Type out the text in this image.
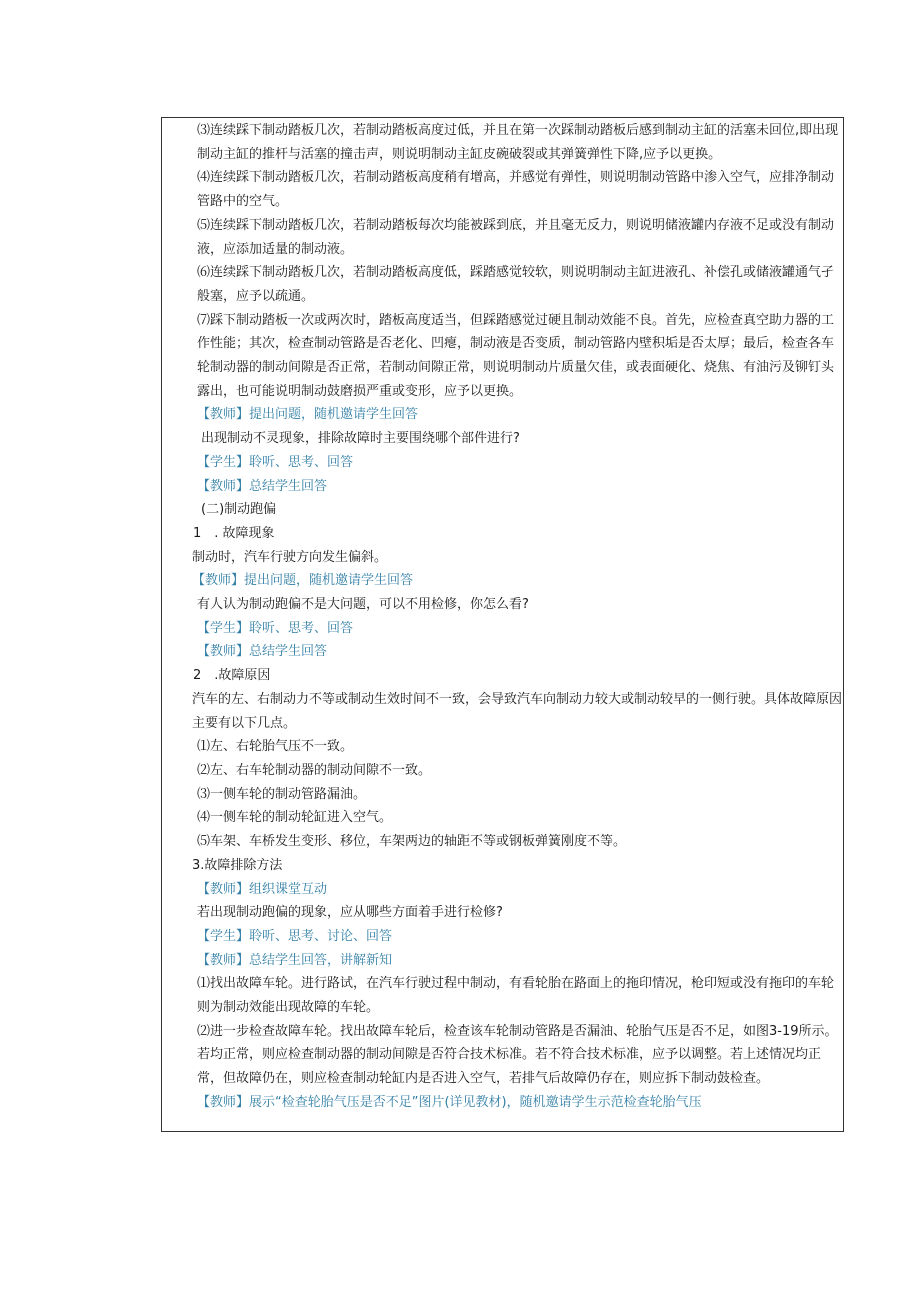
⑶连续踩下制动踏板几次，若制动踏板高度过低，并且在第一次踩制动踏板后感到制动主缸的活塞未回位,即出现制动主缸的推杆与活塞的撞击声，则说明制动主缸皮碗破裂或其弹簧弹性下降,应予以更换。

⑷连续踩下制动踏板几次，若制动踏板高度稍有增高，并感觉有弹性，则说明制动管路中渗入空气，应排净制动管路中的空气。

⑸连续踩下制动踏板几次，若制动踏板每次均能被踩到底，并且毫无反力，则说明储液罐内存液不足或没有制动液，应添加适量的制动液。

⑹连续踩下制动踏板几次，若制动踏板高度低，踩踏感觉较软，则说明制动主缸进液孔、补偿孔或储液罐通气孑般塞，应予以疏通。

⑺踩下制动踏板一次或两次时，踏板高度适当，但踩踏感觉过硬且制动效能不良。首先，应检查真空助力器的工作性能；其次，检查制动管路是否老化、凹瘪，制动液是否变质，制动管路内壁积垢是否太厚；最后，检查各车轮制动器的制动间隙是否正常，若制动间隙正常，则说明制动片质量欠佳，或表面硬化、烧焦、有油污及铆钉头露出，也可能说明制动鼓磨损严重或变形，应予以更换。

【教师】提出问题，随机邀请学生回答

出现制动不灵现象，排除故障时主要围绕哪个部件进行?

【学生】聆听、思考、回答

【教师】总结学生回答

(二)制动跑偏

1　. 故障现象

制动时，汽车行驶方向发生偏斜。

【教师】提出问题，随机邀请学生回答

有人认为制动跑偏不是大问题，可以不用检修，你怎么看?

【学生】聆听、思考、回答

【教师】总结学生回答

2　.故障原因

汽车的左、右制动力不等或制动生效时间不一致，会导致汽车向制动力较大或制动较早的一侧行驶。具体故障原因主要有以下几点。

⑴左、右轮胎气压不一致。

⑵左、右车轮制动器的制动间隙不一致。

⑶一侧车轮的制动管路漏油。

⑷一侧车轮的制动轮缸进入空气。

⑸车架、车桥发生变形、移位，车架两边的轴距不等或钢板弹簧刚度不等。

3.故障排除方法

【教师】组织课堂互动

若出现制动跑偏的现象，应从哪些方面着手进行检修?

【学生】聆听、思考、讨论、回答

【教师】总结学生回答，讲解新知

⑴找出故障车轮。进行路试，在汽车行驶过程中制动，有看轮胎在路面上的拖印情况，枪印短或没有拖印的车轮则为制动效能出现故障的车轮。

⑵进一步检查故障车轮。找出故障车轮后，检查该车轮制动管路是否漏油、轮胎气压是否不足，如图3-19所示。若均正常，则应检查制动器的制动间隙是否符合技术标准。若不符合技术标准，应予以调整。若上述情况均正常，但故障仍在，则应检查制动轮缸内是否进入空气，若排气后故障仍存在，则应拆下制动鼓检查。

【教师】展示“检查轮胎气压是否不足”图片(详见教材)，随机邀请学生示范检查轮胎气压
